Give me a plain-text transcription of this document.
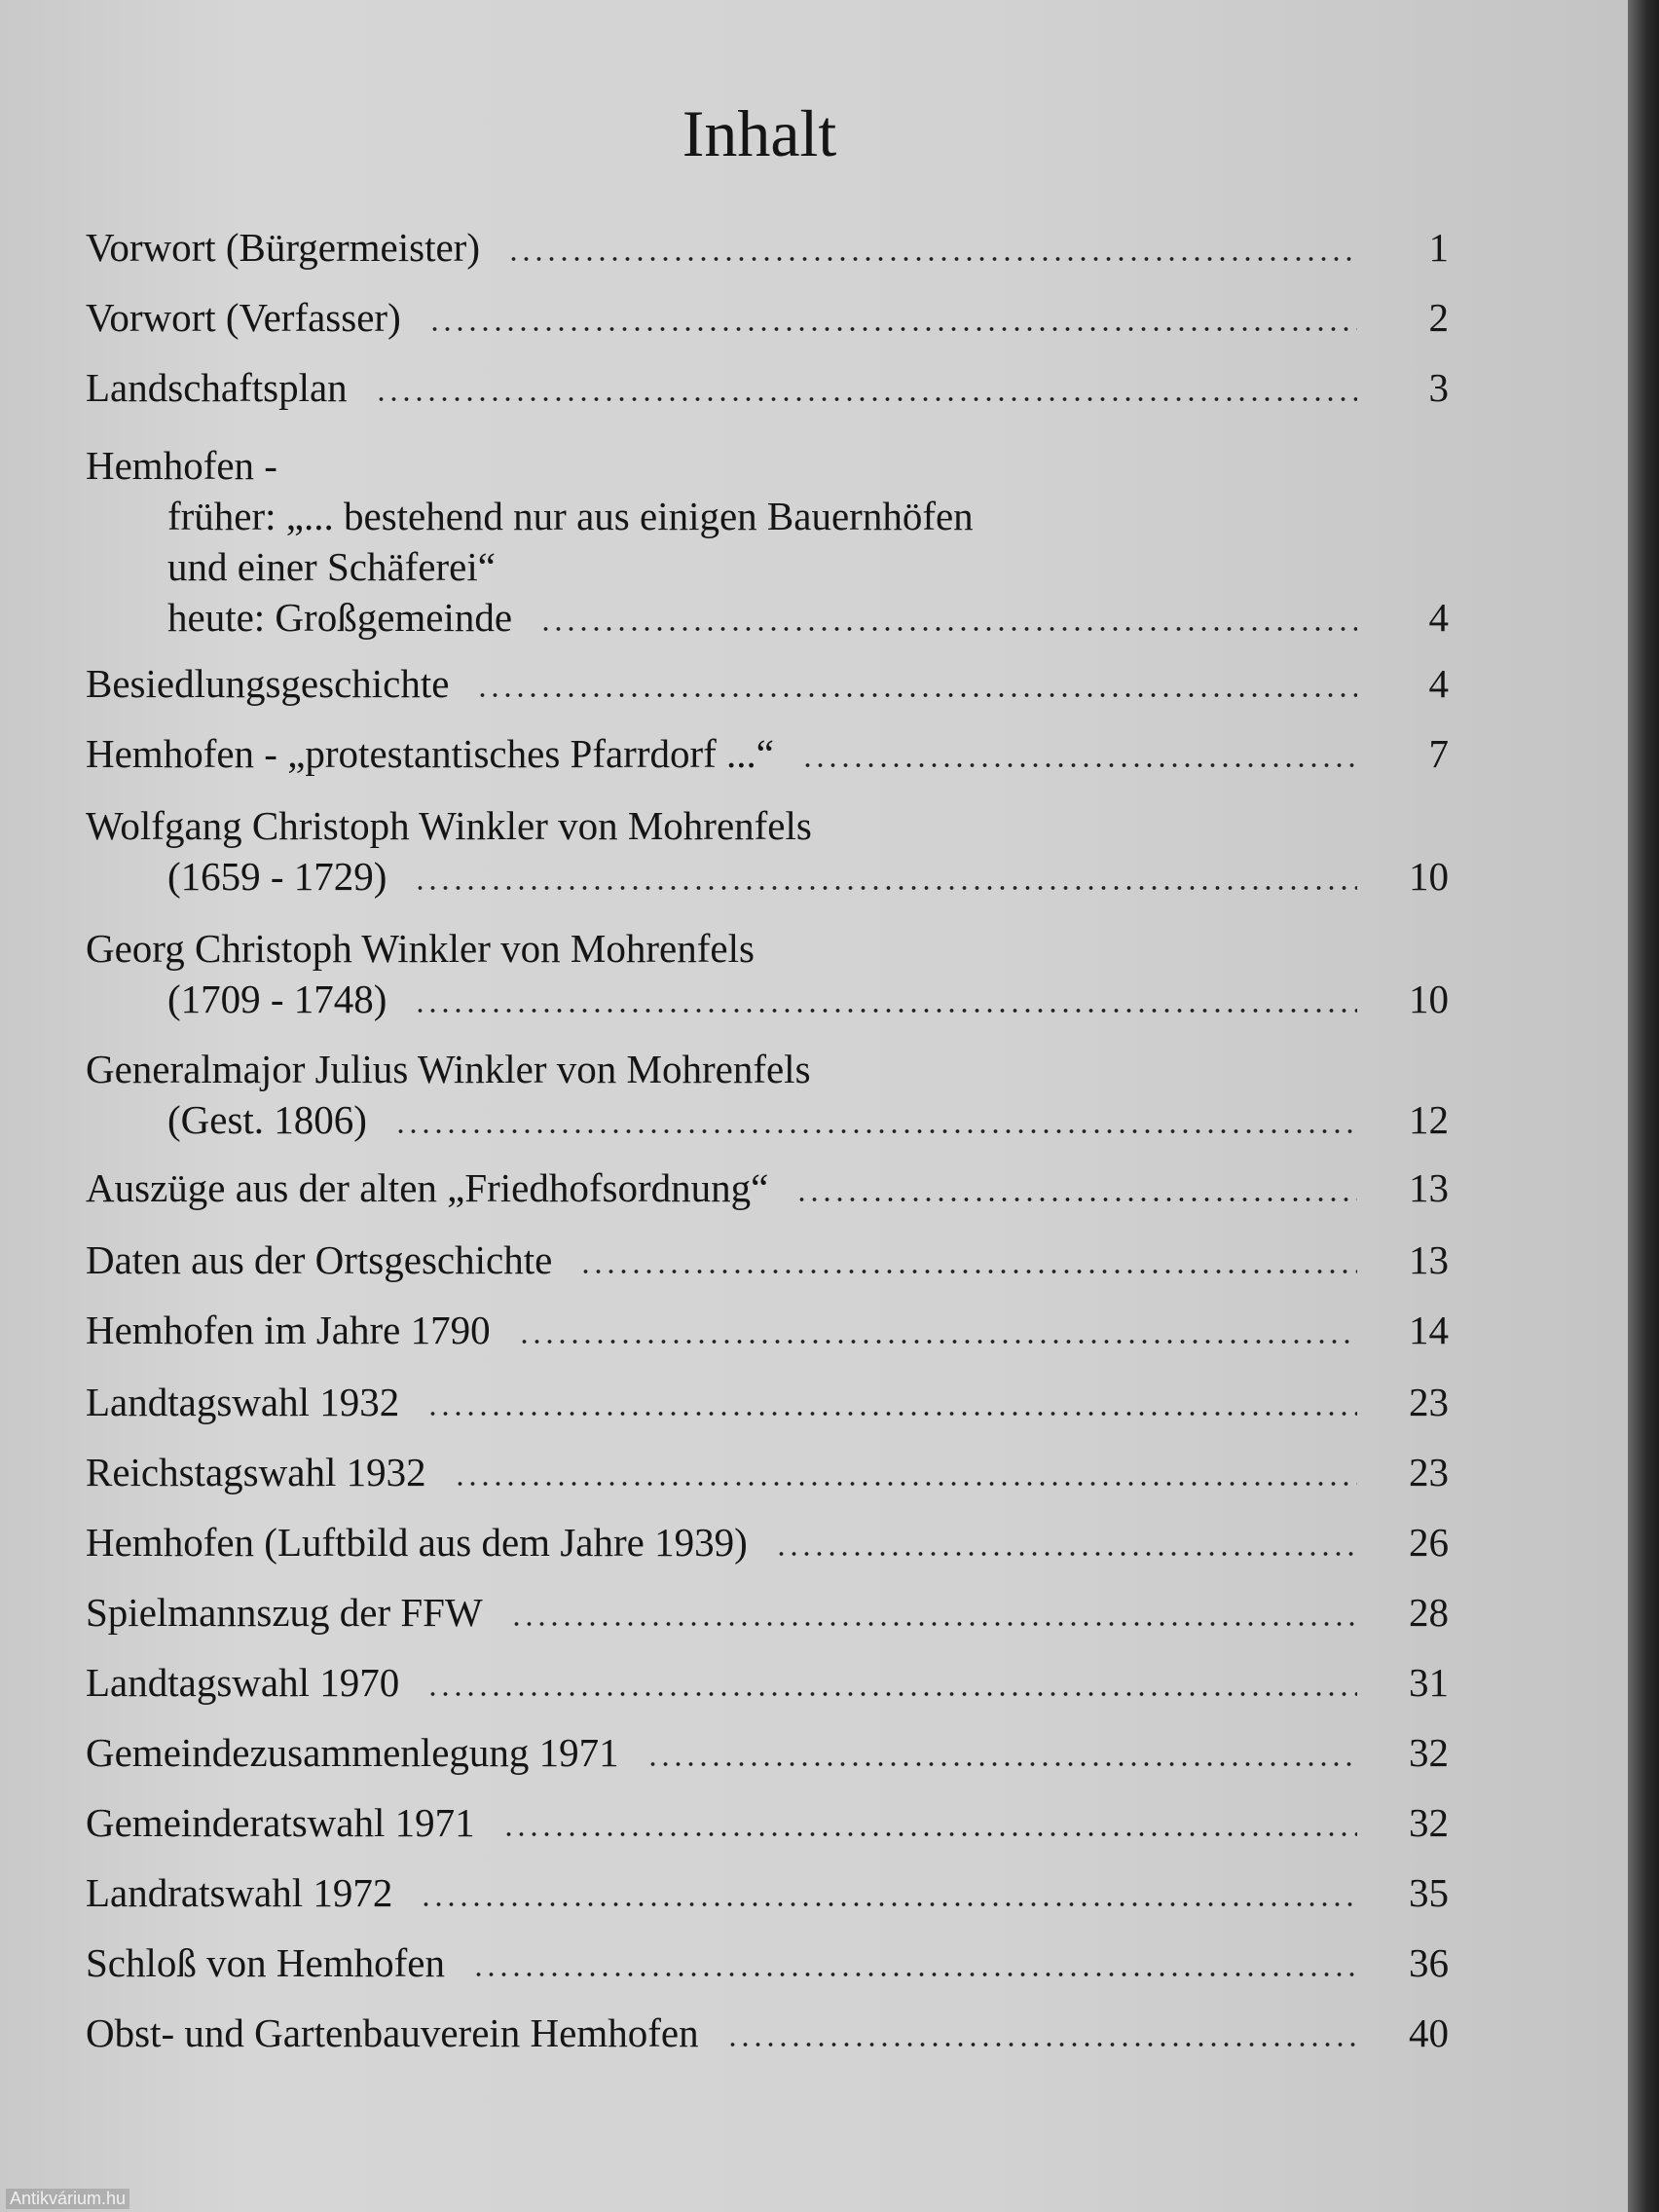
Inhalt
Vorwort (Bürgermeister)	1
Vorwort (Verfasser)	2
Landschaftsplan	3
Hemhofen -
früher: „... bestehend nur aus einigen Bauernhöfen
und einer Schäferei“
heute: Großgemeinde	4
Besiedlungsgeschichte	4
Hemhofen - „protestantisches Pfarrdorf ...“	7
Wolfgang Christoph Winkler von Mohrenfels
(1659 - 1729)	10
Georg Christoph Winkler von Mohrenfels
(1709 - 1748)	10
Generalmajor Julius Winkler von Mohrenfels
(Gest. 1806)	12
Auszüge aus der alten „Friedhofsordnung“	13
Daten aus der Ortsgeschichte	13
Hemhofen im Jahre 1790	14
Landtagswahl 1932	23
Reichstagswahl 1932	23
Hemhofen (Luftbild aus dem Jahre 1939)	26
Spielmannszug der FFW	28
Landtagswahl 1970	31
Gemeindezusammenlegung 1971	32
Gemeinderatswahl 1971	32
Landratswahl 1972	35
Schloß von Hemhofen	36
Obst- und Gartenbauverein Hemhofen	40
Antikvárium.hu
